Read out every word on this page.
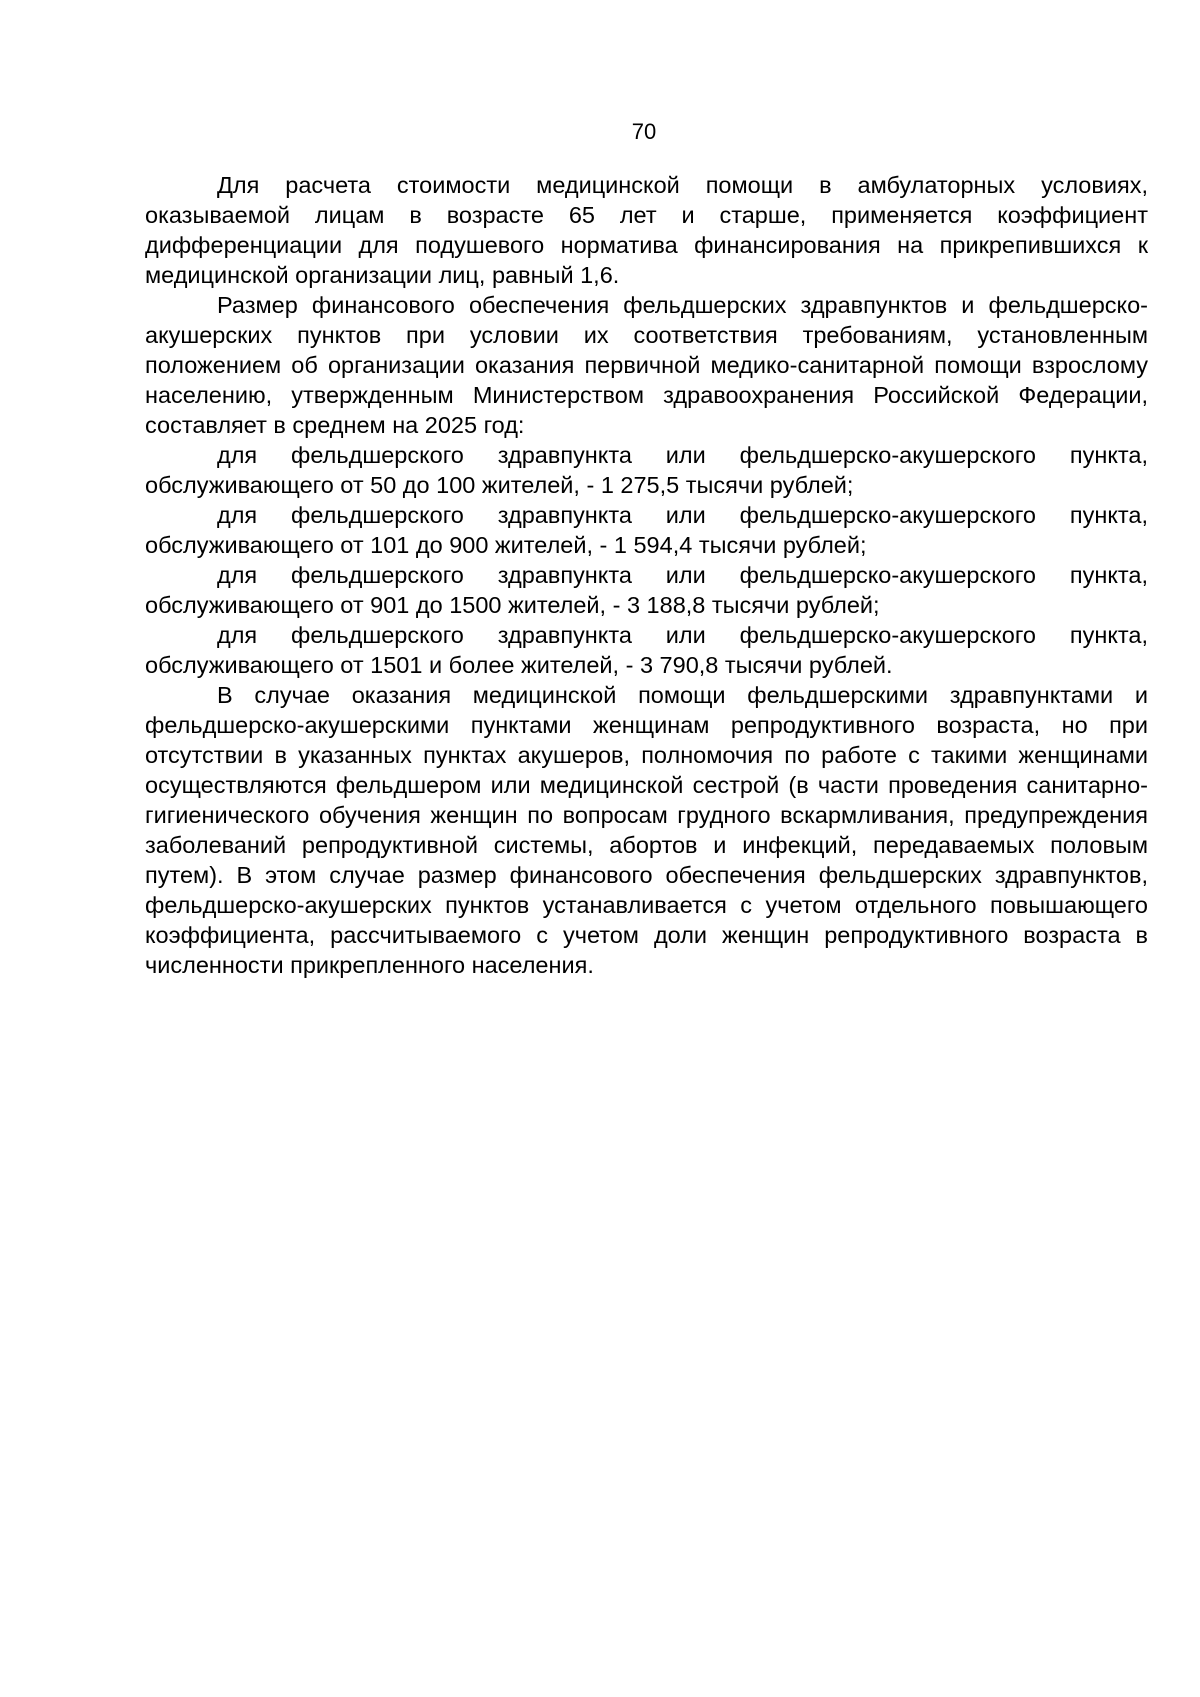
70

Для расчета стоимости медицинской помощи в амбулаторных условиях, оказываемой лицам в возрасте 65 лет и старше, применяется коэффициент дифференциации для подушевого норматива финансирования на прикрепившихся к медицинской организации лиц, равный 1,6.

Размер финансового обеспечения фельдшерских здравпунктов и фельдшерско-акушерских пунктов при условии их соответствия требованиям, установленным положением об организации оказания первичной медико-санитарной помощи взрослому населению, утвержденным Министерством здравоохранения Российской Федерации, составляет в среднем на 2025 год:

для фельдшерского здравпункта или фельдшерско-акушерского пункта, обслуживающего от 50 до 100 жителей, - 1 275,5 тысячи рублей;

для фельдшерского здравпункта или фельдшерско-акушерского пункта, обслуживающего от 101 до 900 жителей, - 1 594,4 тысячи рублей;

для фельдшерского здравпункта или фельдшерско-акушерского пункта, обслуживающего от 901 до 1500 жителей, - 3 188,8 тысячи рублей;

для фельдшерского здравпункта или фельдшерско-акушерского пункта, обслуживающего от 1501 и более жителей, - 3 790,8 тысячи рублей.

В случае оказания медицинской помощи фельдшерскими здравпунктами и фельдшерско-акушерскими пунктами женщинам репродуктивного возраста, но при отсутствии в указанных пунктах акушеров, полномочия по работе с такими женщинами осуществляются фельдшером или медицинской сестрой (в части проведения санитарно-гигиенического обучения женщин по вопросам грудного вскармливания, предупреждения заболеваний репродуктивной системы, абортов и инфекций, передаваемых половым путем). В этом случае размер финансового обеспечения фельдшерских здравпунктов, фельдшерско-акушерских пунктов устанавливается с учетом отдельного повышающего коэффициента, рассчитываемого с учетом доли женщин репродуктивного возраста в численности прикрепленного населения.
